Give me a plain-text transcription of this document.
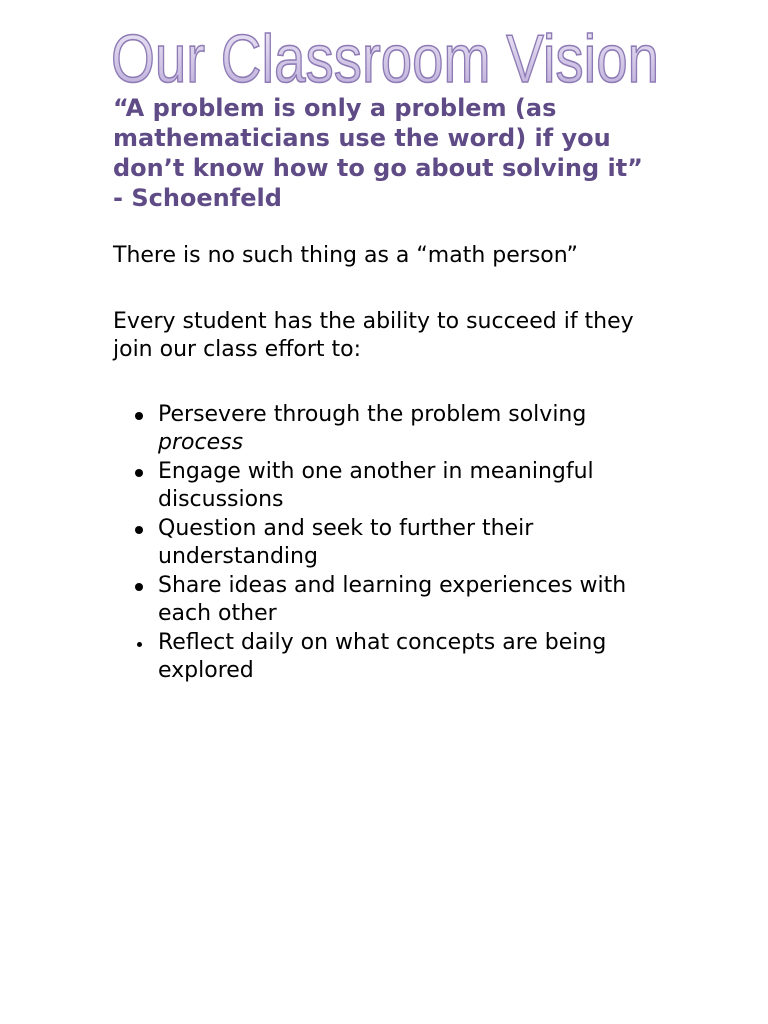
Our Classroom Vision

“A problem is only a problem (as mathematicians use the word) if you don’t know how to go about solving it” - Schoenfeld

There is no such thing as a “math person”

Every student has the ability to succeed if they join our class effort to:

Persevere through the problem solving process
Engage with one another in meaningful discussions
Question and seek to further their understanding
Share ideas and learning experiences with each other
Reflect daily on what concepts are being explored
